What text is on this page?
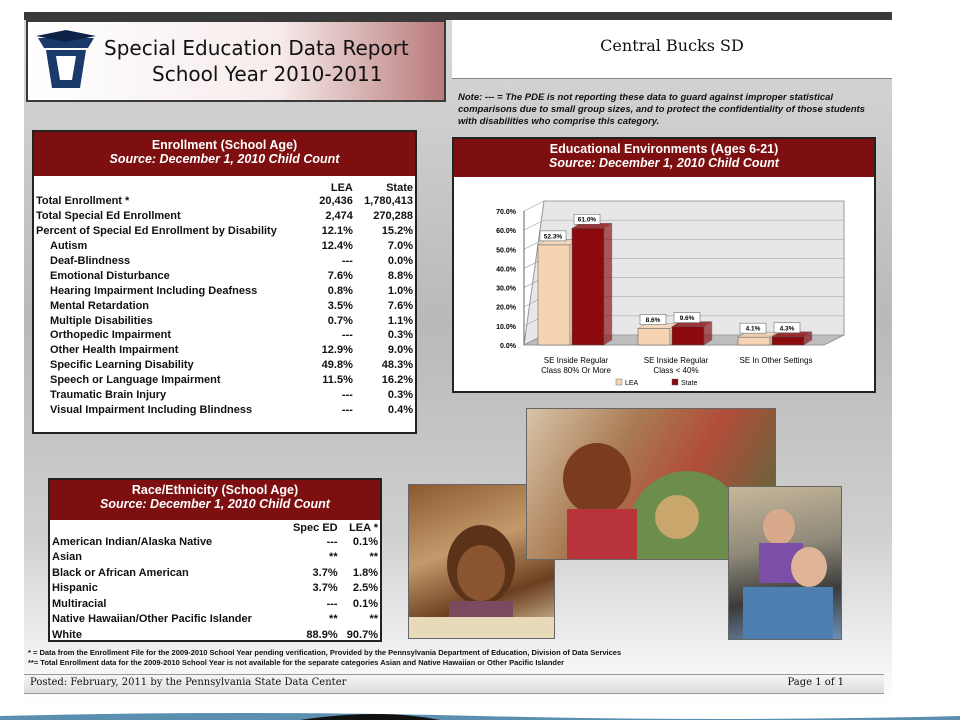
Special Education Data Report
School Year 2010-2011
Central Bucks SD
Note: --- = The PDE is not reporting these data to guard against improper statistical comparisons due to small group sizes, and to protect the confidentiality of those students with disabilities who comprise this category.
Enrollment (School Age)
Source: December 1, 2010 Child Count
	LEA	State
Total Enrollment *	20,436	1,780,413
Total Special Ed Enrollment	2,474	270,288
Percent of Special Ed Enrollment by Disability	12.1%	15.2%
Autism	12.4%	7.0%
Deaf-Blindness	---	0.0%
Emotional Disturbance	7.6%	8.8%
Hearing Impairment Including Deafness	0.8%	1.0%
Mental Retardation	3.5%	7.6%
Multiple Disabilities	0.7%	1.1%
Orthopedic Impairment	---	0.3%
Other Health Impairment	12.9%	9.0%
Specific Learning Disability	49.8%	48.3%
Speech or Language Impairment	11.5%	16.2%
Traumatic Brain Injury	---	0.3%
Visual Impairment Including Blindness	---	0.4%
Educational Environments (Ages 6-21)
Source: December 1, 2010 Child Count
0.0%
10.0%
20.0%
30.0%
40.0%
50.0%
60.0%
70.0%
52.3%
61.0%
SE Inside Regular
Class 80% Or More
8.6%	9.6%
SE Inside Regular
Class < 40%
4.1%	4.3%
SE In Other Settings
LEA	State
Race/Ethnicity (School Age)
Source: December 1, 2010 Child Count
	Spec ED	LEA *
American Indian/Alaska Native	---	0.1%
Asian	**	**
Black or African American	3.7%	1.8%
Hispanic	3.7%	2.5%
Multiracial	---	0.1%
Native Hawaiian/Other Pacific Islander	**	**
White	88.9%	90.7%
* = Data from the Enrollment File for the 2009-2010 School Year pending verification, Provided by the Pennsylvania Department of Education, Division of Data Services
**= Total Enrollment data for the 2009-2010 School Year is not available for the separate categories Asian and Native Hawaiian or Other Pacific Islander
Posted: February, 2011 by the Pennsylvania State Data Center	Page 1 of 1
